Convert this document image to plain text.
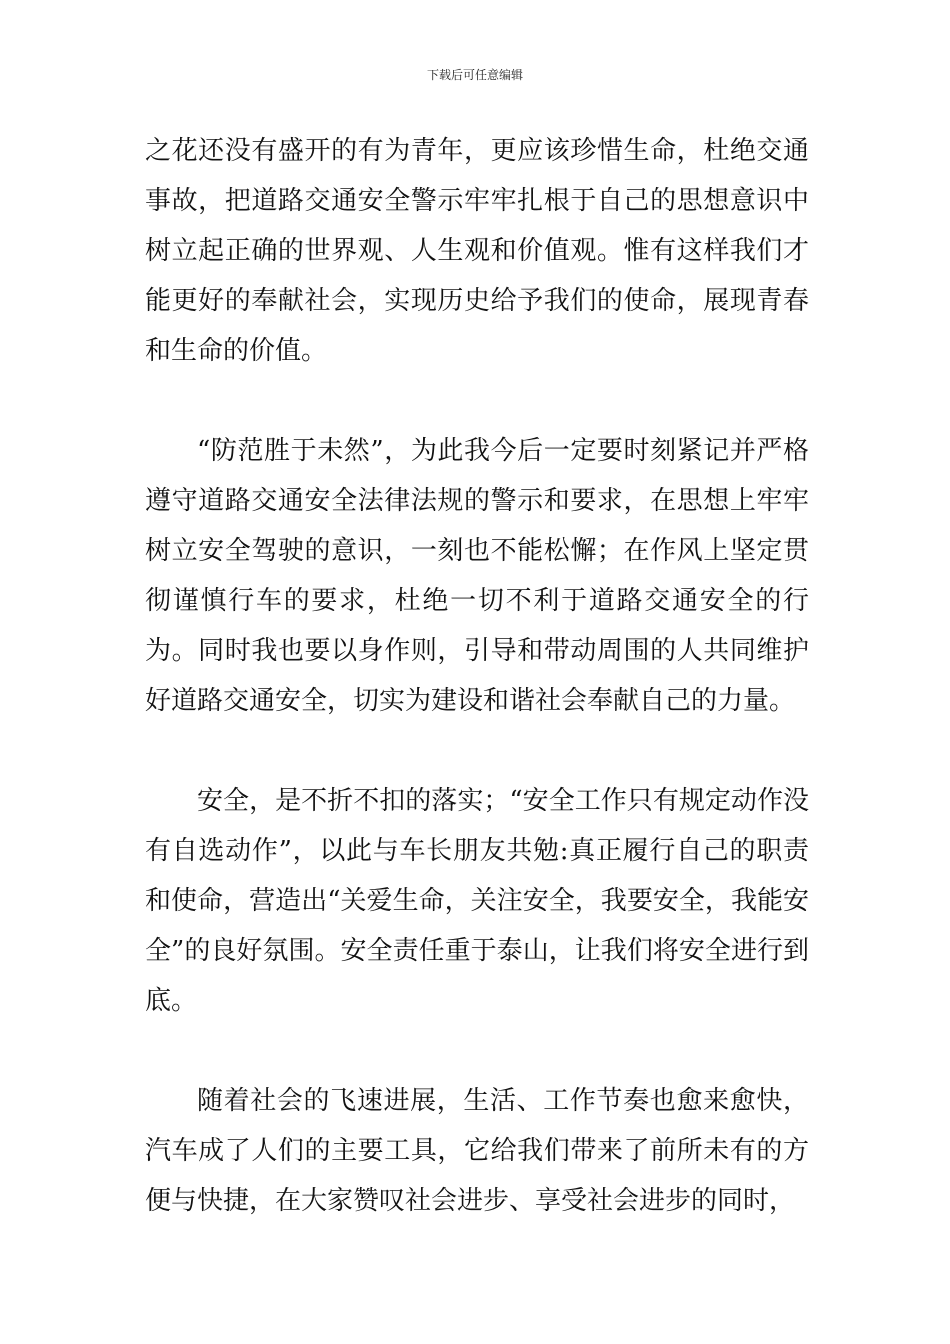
下载后可任意编辑

之花还没有盛开的有为青年，更应该珍惜生命，杜绝交通事故，把道路交通安全警示牢牢扎根于自己的思想意识中树立起正确的世界观、人生观和价值观。惟有这样我们才能更好的奉献社会，实现历史给予我们的使命，展现青春和生命的价值。

“防范胜于未然”，为此我今后一定要时刻紧记并严格遵守道路交通安全法律法规的警示和要求，在思想上牢牢树立安全驾驶的意识，一刻也不能松懈；在作风上坚定贯彻谨慎行车的要求，杜绝一切不利于道路交通安全的行为。同时我也要以身作则，引导和带动周围的人共同维护好道路交通安全，切实为建设和谐社会奉献自己的力量。

安全，是不折不扣的落实；“安全工作只有规定动作没有自选动作”，以此与车长朋友共勉:真正履行自己的职责和使命，营造出“关爱生命，关注安全，我要安全，我能安全”的良好氛围。安全责任重于泰山，让我们将安全进行到底。

随着社会的飞速进展，生活、工作节奏也愈来愈快，汽车成了人们的主要工具，它给我们带来了前所未有的方便与快捷，在大家赞叹社会进步、享受社会进步的同时，
